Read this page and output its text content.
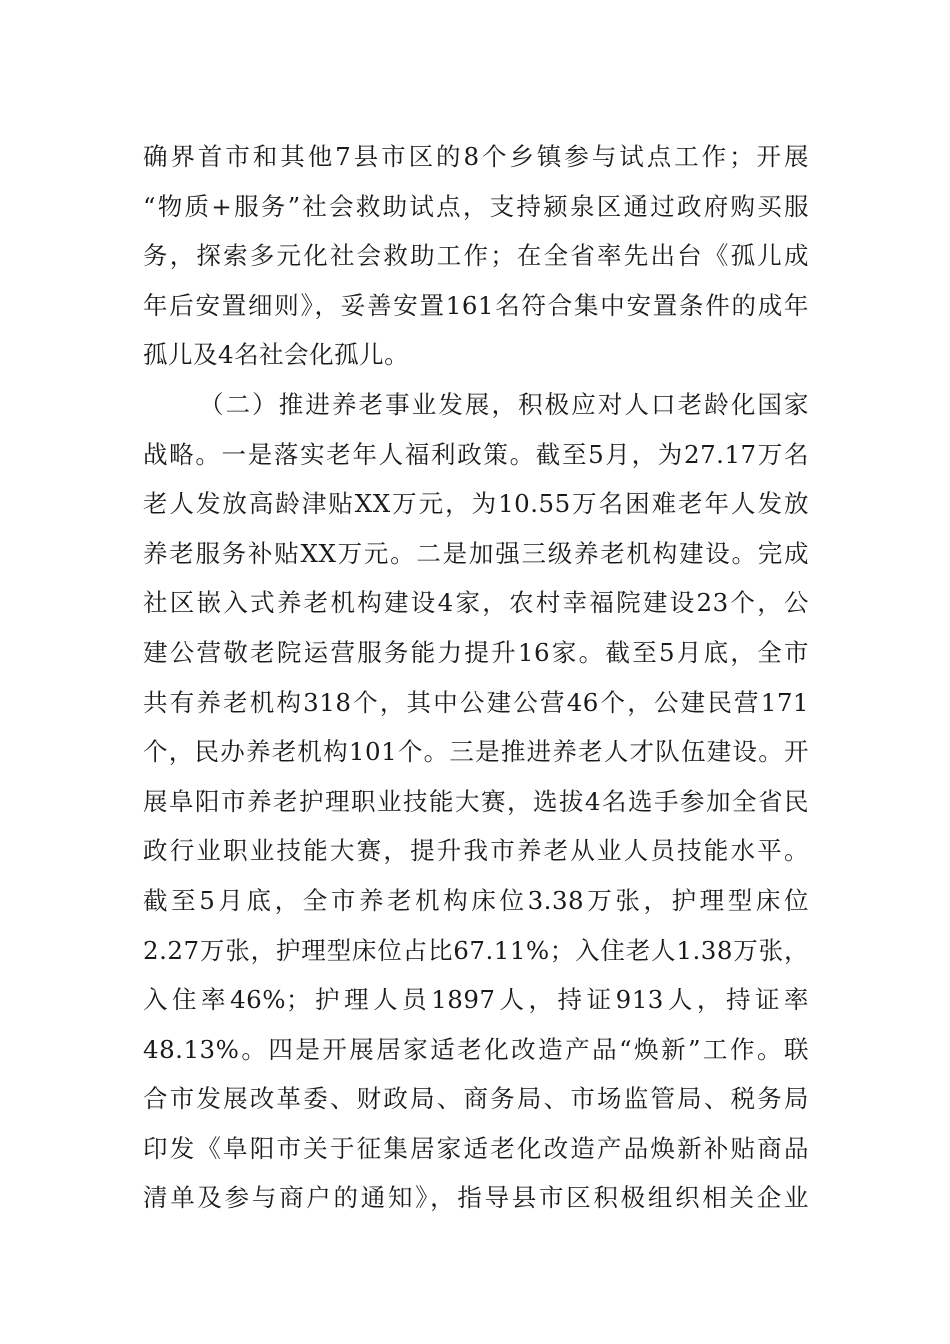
确界首市和其他7县市区的8个乡镇参与试点工作；开展
“物质+服务”社会救助试点，支持颍泉区通过政府购买服
务，探索多元化社会救助工作；在全省率先出台《孤儿成
年后安置细则》，妥善安置161名符合集中安置条件的成年
孤儿及4名社会化孤儿。
（二）推进养老事业发展，积极应对人口老龄化国家
战略。一是落实老年人福利政策。截至5月，为27.17万名
老人发放高龄津贴XX万元，为10.55万名困难老年人发放
养老服务补贴XX万元。二是加强三级养老机构建设。完成
社区嵌入式养老机构建设4家，农村幸福院建设23个，公
建公营敬老院运营服务能力提升16家。截至5月底，全市
共有养老机构318个，其中公建公营46个，公建民营171
个，民办养老机构101个。三是推进养老人才队伍建设。开
展阜阳市养老护理职业技能大赛，选拔4名选手参加全省民
政行业职业技能大赛，提升我市养老从业人员技能水平。
截至5月底，全市养老机构床位3.38万张，护理型床位
2.27万张，护理型床位占比67.11%；入住老人1.38万张，
入住率46%；护理人员1897人，持证913人，持证率
48.13%。四是开展居家适老化改造产品“焕新”工作。联
合市发展改革委、财政局、商务局、市场监管局、税务局
印发《阜阳市关于征集居家适老化改造产品焕新补贴商品
清单及参与商户的通知》，指导县市区积极组织相关企业
